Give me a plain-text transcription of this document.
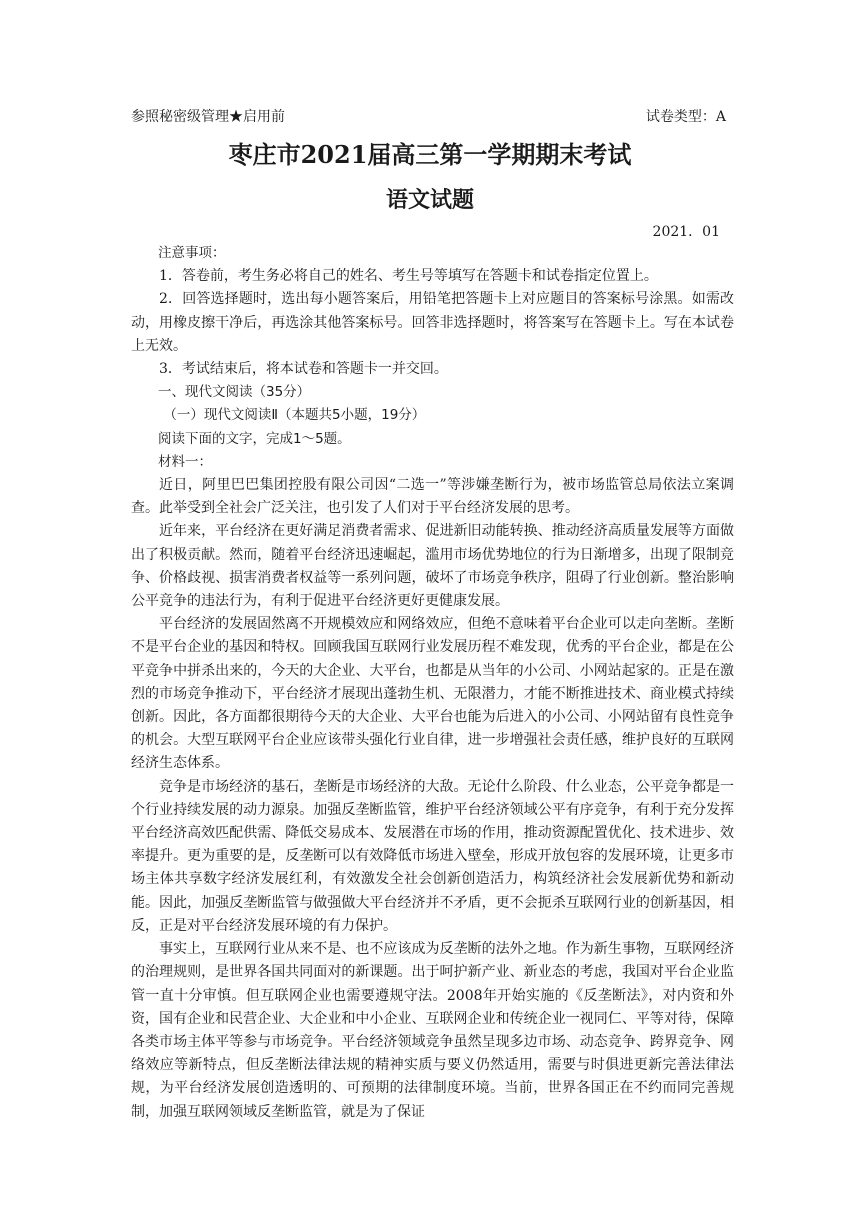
参照秘密级管理★启用前	试卷类型：A
枣庄市2021届高三第一学期期末考试
语文试题
2021．01

注意事项：

1．答卷前，考生务必将自己的姓名、考生号等填写在答题卡和试卷指定位置上。

2．回答选择题时，选出每小题答案后，用铅笔把答题卡上对应题目的答案标号涂黑。如需改动，用橡皮擦干净后，再选涂其他答案标号。回答非选择题时，将答案写在答题卡上。写在本试卷上无效。

3．考试结束后，将本试卷和答题卡一并交回。

一、现代文阅读（35分）

（一）现代文阅读Ⅱ（本题共5小题，19分）

阅读下面的文字，完成1～5题。

材料一：

近日，阿里巴巴集团控股有限公司因“二选一”等涉嫌垄断行为，被市场监管总局依法立案调查。此举受到全社会广泛关注，也引发了人们对于平台经济发展的思考。

近年来，平台经济在更好满足消费者需求、促进新旧动能转换、推动经济高质量发展等方面做出了积极贡献。然而，随着平台经济迅速崛起，滥用市场优势地位的行为日渐增多，出现了限制竞争、价格歧视、损害消费者权益等一系列问题，破坏了市场竞争秩序，阻碍了行业创新。整治影响公平竞争的违法行为，有利于促进平台经济更好更健康发展。

平台经济的发展固然离不开规模效应和网络效应，但绝不意味着平台企业可以走向垄断。垄断不是平台企业的基因和特权。回顾我国互联网行业发展历程不难发现，优秀的平台企业，都是在公平竞争中拼杀出来的，今天的大企业、大平台，也都是从当年的小公司、小网站起家的。正是在激烈的市场竞争推动下，平台经济才展现出蓬勃生机、无限潜力，才能不断推进技术、商业模式持续创新。因此，各方面都很期待今天的大企业、大平台也能为后进入的小公司、小网站留有良性竞争的机会。大型互联网平台企业应该带头强化行业自律，进一步增强社会责任感，维护良好的互联网经济生态体系。

竞争是市场经济的基石，垄断是市场经济的大敌。无论什么阶段、什么业态，公平竞争都是一个行业持续发展的动力源泉。加强反垄断监管，维护平台经济领域公平有序竞争，有利于充分发挥平台经济高效匹配供需、降低交易成本、发展潜在市场的作用，推动资源配置优化、技术进步、效率提升。更为重要的是，反垄断可以有效降低市场进入壁垒，形成开放包容的发展环境，让更多市场主体共享数字经济发展红利，有效激发全社会创新创造活力，构筑经济社会发展新优势和新动能。因此，加强反垄断监管与做强做大平台经济并不矛盾，更不会扼杀互联网行业的创新基因，相反，正是对平台经济发展环境的有力保护。

事实上，互联网行业从来不是、也不应该成为反垄断的法外之地。作为新生事物，互联网经济的治理规则，是世界各国共同面对的新课题。出于呵护新产业、新业态的考虑，我国对平台企业监管一直十分审慎。但互联网企业也需要遵规守法。2008年开始实施的《反垄断法》，对内资和外资，国有企业和民营企业、大企业和中小企业、互联网企业和传统企业一视同仁、平等对待，保障各类市场主体平等参与市场竞争。平台经济领域竞争虽然呈现多边市场、动态竞争、跨界竞争、网络效应等新特点，但反垄断法律法规的精神实质与要义仍然适用，需要与时俱进更新完善法律法规，为平台经济发展创造透明的、可预期的法律制度环境。当前，世界各国正在不约而同完善规制，加强互联网领域反垄断监管，就是为了保证
